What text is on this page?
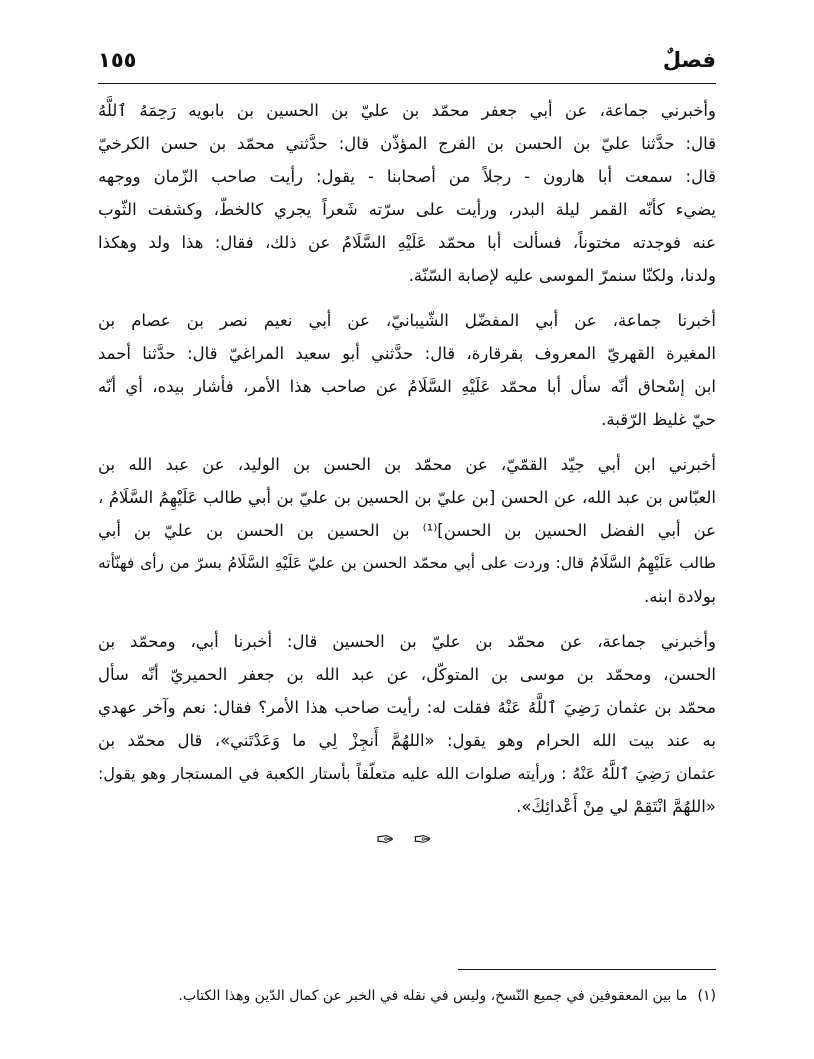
فصلٌ
١٥٥

وأخبرني جماعة، عن أبي جعفر محمّد بن عليّ بن الحسين بن بابويه رَحِمَهُ ٱللَّهُ
قال: حدَّثنا عليّ بن الحسن بن الفرج المؤذّن قال: حدَّثني محمّد بن حسن الكرخيّ
قال: سمعت أبا هارون - رجلاً من أصحابنا - يقول: رأيت صاحب الزّمان ووجهه
يضيء كأنّه القمر ليلة البدر، ورأيت على سرّته شَعراً يجري كالخطّ، وكشفت الثّوب
عنه فوجدته مختوناً، فسألت أبا محمّد عَلَيْهِ السَّلَامُ عن ذلك، فقال: هذا ولد وهكذا
ولدنا، ولكنّا سنمرّ الموسى عليه لإصابة السّنّة.

أخبرنا جماعة، عن أبي المفضّل الشّيبانيّ، عن أبي نعيم نصر بن عصام بن
المغيرة القهريّ المعروف بقرقارة، قال: حدَّثني أبو سعيد المراغيّ قال: حدَّثنا أحمد
ابن إسْحاق أنّه سأل أبا محمّد عَلَيْهِ السَّلَامُ عن صاحب هذا الأمر، فأشار بيده، أي أنّه
حيّ غليظ الرّقبة.

أخبرني ابن أبي جيّد القمّيّ، عن محمّد بن الحسن بن الوليد، عن عبد الله بن
العبّاس بن عبد الله، عن الحسن [بن عليّ بن الحسين بن عليّ بن أبي طالب عَلَيْهِمُ السَّلَامُ ،
عن أبي الفضل الحسين بن الحسن]⁽¹⁾ بن الحسين بن الحسن بن عليّ بن أبي
طالب عَلَيْهِمُ السَّلَامُ قال: وردت على أبي محمّد الحسن بن عليّ عَلَيْهِ السَّلَامُ بسرّ من رأى فهنّأته
بولادة ابنه.

وأخبرني جماعة، عن محمّد بن عليّ بن الحسين قال: أخبرنا أبي، ومحمّد بن
الحسن، ومحمّد بن موسى بن المتوكّل، عن عبد الله بن جعفر الحميريّ أنّه سأل
محمّد بن عثمان رَضِيَ ٱللَّهُ عَنْهُ فقلت له: رأيت صاحب هذا الأمر؟ فقال: نعم وآخر عهدي
به عند بيت الله الحرام وهو يقول: «اللهُمَّ أَنجِزْ لِي ما وَعَدْتَني»، قال محمّد بن
عثمان رَضِيَ ٱللَّهُ عَنْهُ : ورأيته صلوات الله عليه متعلّقاً بأستار الكعبة في المستجار وهو يقول:
«اللهُمَّ انْتَقِمْ لي مِنْ أَعْدائِكَ».

✑ ✑
(١)ما بين المعقوفين في جميع النّسخ، وليس في نقله في الخبر عن كمال الدّين وهذا الكتاب.
